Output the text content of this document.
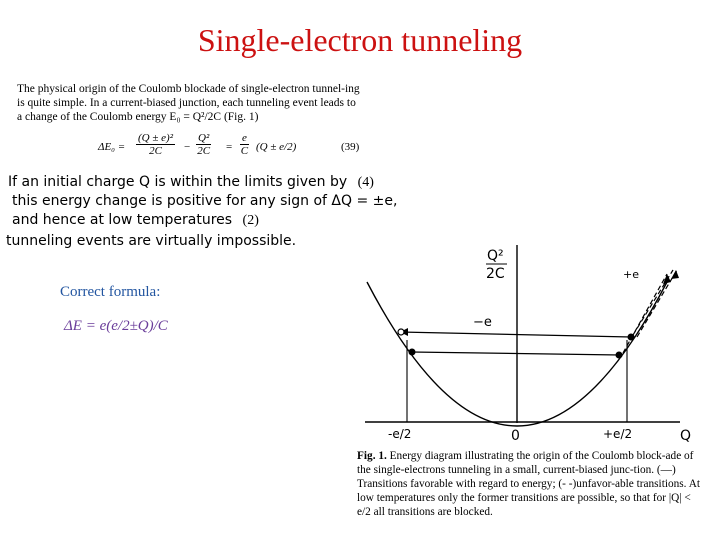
Single-electron tunneling
The physical origin of the Coulomb blockade of single-electron tunnel-ing is quite simple. In a current-biased junction, each tunneling event leads to a change of the Coulomb energy E₀ = Q²/2C (Fig. 1)
$\Delta E_0 = \frac{\text{(Q ± e)²}}{2C} - \frac{\text{Q²}}{2C} = \frac{e}{C} (Q \pm e/2)$	(39)
If an initial charge Q is within the limits given by (4)
this energy change is positive for any sign of ΔQ = ±e,
and hence at low temperatures (2)
tunneling events are virtually impossible.
Correct formula:
ΔE = e(e/2±Q)/C
Q²
2C	+e
−e
-e/2	0	+e/2	Q
Fig. 1. Energy diagram illustrating the origin of the Coulomb block-ade of the single-electrons tunneling in a small, current-biased junc-tion. (—) Transitions favorable with regard to energy; (- -)unfavor-able transitions. At low temperatures only the former transitions are possible, so that for |Q| < e/2 all transitions are blocked.
